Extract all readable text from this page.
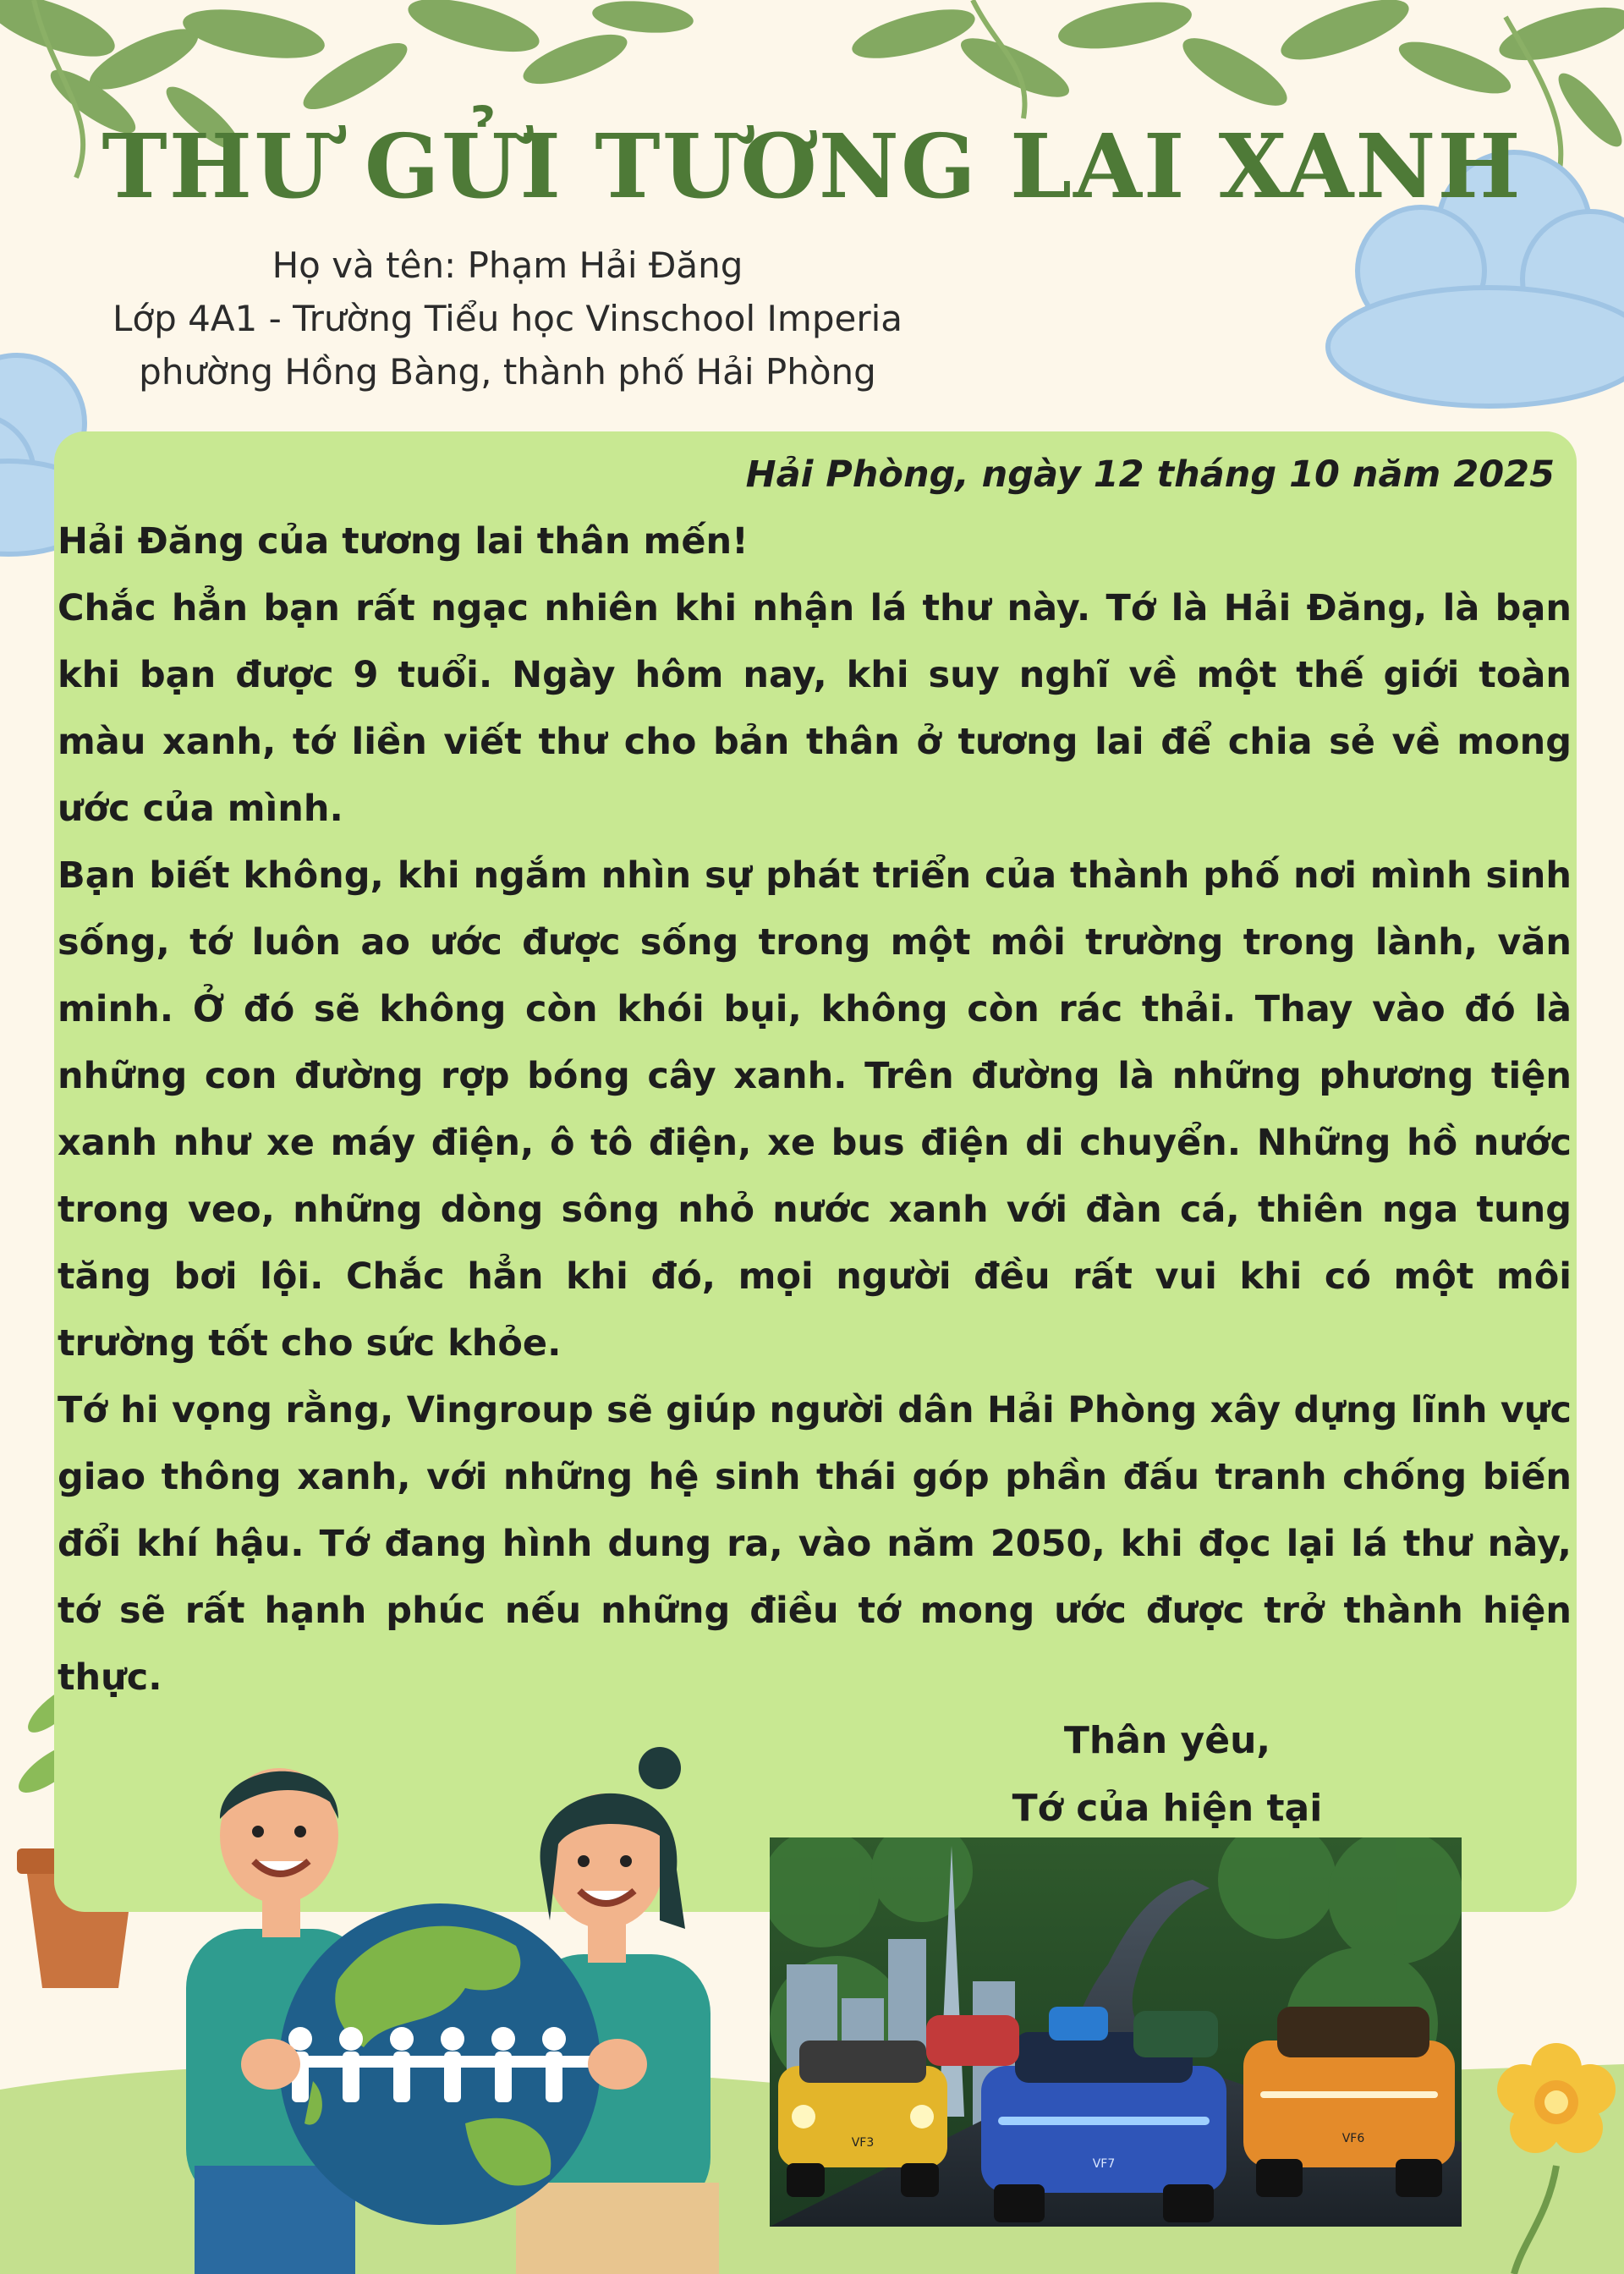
THƯ GỬI TƯƠNG LAI XANH
Họ và tên: Phạm Hải Đăng
Lớp 4A1 - Trường Tiểu học Vinschool Imperia
phường Hồng Bàng, thành phố Hải Phòng
Hải Phòng, ngày 12 tháng 10 năm 2025
Hải Đăng của tương lai thân mến!

Chắc hẳn bạn rất ngạc nhiên khi nhận lá thư này. Tớ là Hải Đăng, là bạn khi bạn được 9 tuổi. Ngày hôm nay, khi suy nghĩ về một thế giới toàn màu xanh, tớ liền viết thư cho bản thân ở tương lai để chia sẻ về mong ước của mình.

Bạn biết không, khi ngắm nhìn sự phát triển của thành phố nơi mình sinh sống, tớ luôn ao ước được sống trong một môi trường trong lành, văn minh. Ở đó sẽ không còn khói bụi, không còn rác thải. Thay vào đó là những con đường rợp bóng cây xanh. Trên đường là những phương tiện xanh như xe máy điện, ô tô điện, xe bus điện di chuyển. Những hồ nước trong veo, những dòng sông nhỏ nước xanh với đàn cá, thiên nga tung tăng bơi lội. Chắc hẳn khi đó, mọi người đều rất vui khi có một môi trường tốt cho sức khỏe.

Tớ hi vọng rằng, Vingroup sẽ giúp người dân Hải Phòng xây dựng lĩnh vực giao thông xanh, với những hệ sinh thái góp phần đấu tranh chống biến đổi khí hậu. Tớ đang hình dung ra, vào năm 2050, khi đọc lại lá thư này, tớ sẽ rất hạnh phúc nếu những điều tớ mong ước được trở thành hiện thực.

Thân yêu,
Tớ của hiện tại
VF3
VF7
VF6
